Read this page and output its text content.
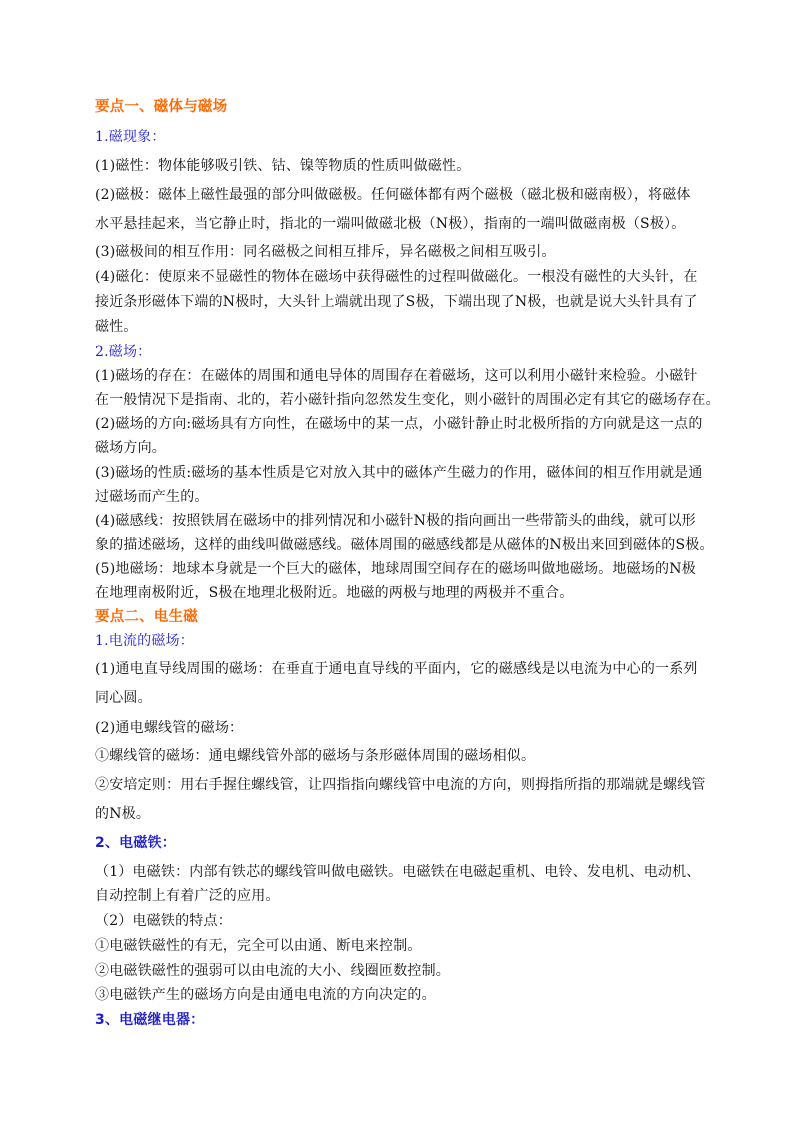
要点一、磁体与磁场
1.磁现象：
(1)磁性：物体能够吸引铁、钴、镍等物质的性质叫做磁性。
(2)磁极：磁体上磁性最强的部分叫做磁极。任何磁体都有两个磁极（磁北极和磁南极），将磁体
水平悬挂起来，当它静止时，指北的一端叫做磁北极（N极），指南的一端叫做磁南极（S极）。
(3)磁极间的相互作用：同名磁极之间相互排斥，异名磁极之间相互吸引。
(4)磁化：使原来不显磁性的物体在磁场中获得磁性的过程叫做磁化。一根没有磁性的大头针，在
接近条形磁体下端的N极时，大头针上端就出现了S极，下端出现了N极，也就是说大头针具有了
磁性。
2.磁场：
(1)磁场的存在：在磁体的周围和通电导体的周围存在着磁场，这可以利用小磁针来检验。小磁针
在一般情况下是指南、北的，若小磁针指向忽然发生变化，则小磁针的周围必定有其它的磁场存在。
(2)磁场的方向:磁场具有方向性，在磁场中的某一点，小磁针静止时北极所指的方向就是这一点的
磁场方向。
(3)磁场的性质:磁场的基本性质是它对放入其中的磁体产生磁力的作用，磁体间的相互作用就是通
过磁场而产生的。
(4)磁感线：按照铁屑在磁场中的排列情况和小磁针N极的指向画出一些带箭头的曲线，就可以形
象的描述磁场，这样的曲线叫做磁感线。磁体周围的磁感线都是从磁体的N极出来回到磁体的S极。
(5)地磁场：地球本身就是一个巨大的磁体，地球周围空间存在的磁场叫做地磁场。地磁场的N极
在地理南极附近，S极在地理北极附近。地磁的两极与地理的两极并不重合。
要点二、电生磁
1.电流的磁场：
(1)通电直导线周围的磁场：在垂直于通电直导线的平面内，它的磁感线是以电流为中心的一系列
同心圆。
(2)通电螺线管的磁场：
①螺线管的磁场：通电螺线管外部的磁场与条形磁体周围的磁场相似。
②安培定则：用右手握住螺线管，让四指指向螺线管中电流的方向，则拇指所指的那端就是螺线管
的N极。
2、电磁铁：
（1）电磁铁：内部有铁芯的螺线管叫做电磁铁。电磁铁在电磁起重机、电铃、发电机、电动机、
自动控制上有着广泛的应用。
（2）电磁铁的特点：
①电磁铁磁性的有无，完全可以由通、断电来控制。
②电磁铁磁性的强弱可以由电流的大小、线圈匝数控制。
③电磁铁产生的磁场方向是由通电电流的方向决定的。
3、电磁继电器：
